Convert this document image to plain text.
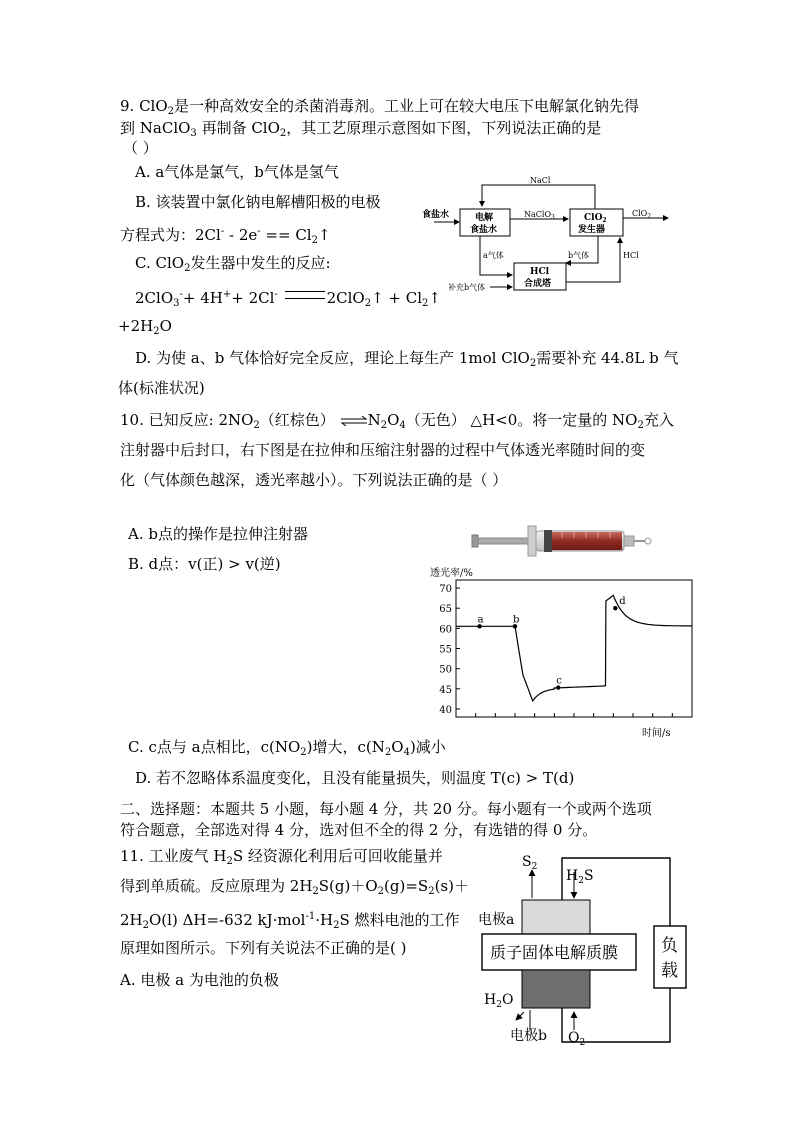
9. ClO$_2$是一种高效安全的杀菌消毒剂。工业上可在较大电压下电解氯化钠先得
到 NaClO$_3$ 再制备 ClO$_2$，其工艺原理示意图如下图，下列说法正确的是
（ ）
A. a气体是氯气，b气体是氢气
B. 该装置中氯化钠电解槽阳极的电极
方程式为：$2Cl^- - 2e^- == Cl_2↑$
C. ClO$_2$发生器中发生的反应:
2ClO$_3$-+ 4H++ 2Cl-	2ClO$_2$↑ + $Cl_2↑$
$+2H_2O$
D. 为使 a、b 气体恰好完全反应，理论上每生产 1mol ClO$_2$需要补充 44.8L b 气
体(标准状况)
NaCl
电解
食盐水
食盐水	NaClO$_3$	ClO$_2$
发生器
ClO$_2$
a气体	b气体	HCl
HCl
合成塔
补充b气体
10. 已知反应: $2NO_2$（红棕色） $\rightleftharpoons N_2O_4$（无色） △H<0。将一定量的 $NO_2$充入
注射器中后封口，右下图是在拉伸和压缩注射器的过程中气体透光率随时间的变
化（气体颜色越深，透光率越小）。下列说法正确的是（ ）
A. b点的操作是拉伸注射器
B. d点：v(正) > v(逆)
透光率/%
时间/s
70
65
60
55
50
45
40
a	b
c
d
C. c点与 a点相比，$c(NO_2)$增大，$c(N_2O_4)$减小
D. 若不忽略体系温度变化，且没有能量损失，则温度 T(c) > T(d)
二、选择题：本题共 5 小题，每小题 4 分，共 20 分。每小题有一个或两个选项
符合题意，全部选对得 4 分，选对但不全的得 2 分，有选错的得 0 分。
11. 工业废气 $H_2S$ 经资源化利用后可回收能量并
得到单质硫。反应原理为 $2H_2S(g)+O_2(g)=S_2(s)+$
$2H_2O(l)$ ΔH=-632 $kJ\cdot mol^{-1}\cdot H_2S$ 燃料电池的工作
原理如图所示。下列有关说法不正确的是( )
A. 电极 a 为电池的负极
负
载
质子固体电解质膜
$S_2$
$H_2S$
电极a
$H_2O$
$O_2$
电极b
